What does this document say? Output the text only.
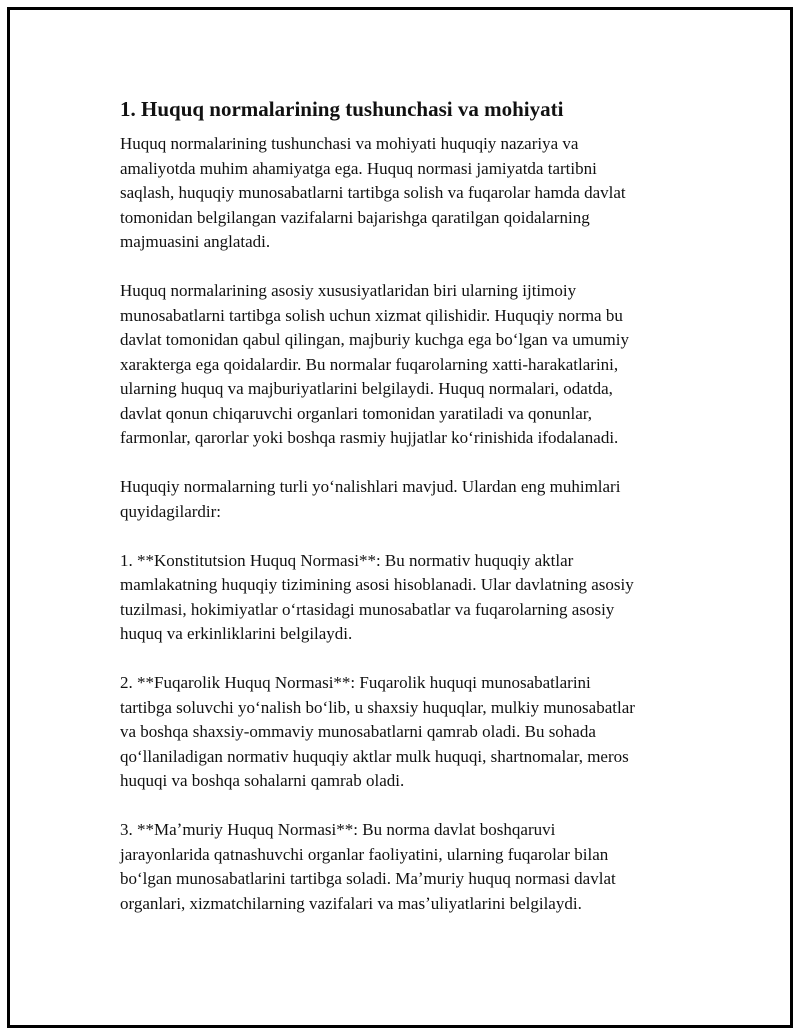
1. Huquq normalarining tushunchasi va mohiyati

Huquq normalarining tushunchasi va mohiyati huquqiy nazariya va
amaliyotda muhim ahamiyatga ega. Huquq normasi jamiyatda tartibni
saqlash, huquqiy munosabatlarni tartibga solish va fuqarolar hamda davlat
tomonidan belgilangan vazifalarni bajarishga qaratilgan qoidalarning
majmuasini anglatadi.

Huquq normalarining asosiy xususiyatlaridan biri ularning ijtimoiy
munosabatlarni tartibga solish uchun xizmat qilishidir. Huquqiy norma bu
davlat tomonidan qabul qilingan, majburiy kuchga ega boʻlgan va umumiy
xarakterga ega qoidalardir. Bu normalar fuqarolarning xatti-harakatlarini,
ularning huquq va majburiyatlarini belgilaydi. Huquq normalari, odatda,
davlat qonun chiqaruvchi organlari tomonidan yaratiladi va qonunlar,
farmonlar, qarorlar yoki boshqa rasmiy hujjatlar koʻrinishida ifodalanadi.

Huquqiy normalarning turli yoʻnalishlari mavjud. Ulardan eng muhimlari
quyidagilardir:

1. **Konstitutsion Huquq Normasi**: Bu normativ huquqiy aktlar
mamlakatning huquqiy tizimining asosi hisoblanadi. Ular davlatning asosiy
tuzilmasi, hokimiyatlar oʻrtasidagi munosabatlar va fuqarolarning asosiy
huquq va erkinliklarini belgilaydi.

2. **Fuqarolik Huquq Normasi**: Fuqarolik huquqi munosabatlarini
tartibga soluvchi yoʻnalish boʻlib, u shaxsiy huquqlar, mulkiy munosabatlar
va boshqa shaxsiy-ommaviy munosabatlarni qamrab oladi. Bu sohada
qoʻllaniladigan normativ huquqiy aktlar mulk huquqi, shartnomalar, meros
huquqi va boshqa sohalarni qamrab oladi.

3. **Maʼmuriy Huquq Normasi**: Bu norma davlat boshqaruvi
jarayonlarida qatnashuvchi organlar faoliyatini, ularning fuqarolar bilan
boʻlgan munosabatlarini tartibga soladi. Maʼmuriy huquq normasi davlat
organlari, xizmatchilarning vazifalari va masʼuliyatlarini belgilaydi.
